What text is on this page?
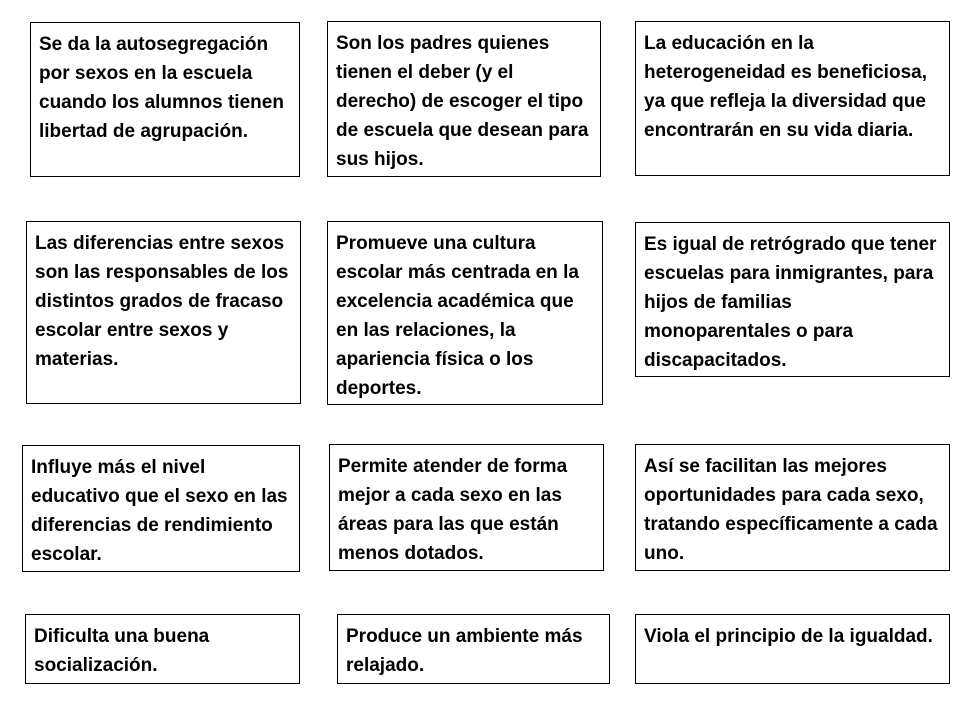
Se da la autosegregación por sexos en la escuela cuando los alumnos tienen libertad de agrupación.
Son los padres quienes tienen el deber (y el derecho) de escoger el tipo de escuela que desean para sus hijos.
La educación en la heterogeneidad es beneficiosa, ya que refleja la diversidad que encontrarán en su vida diaria.
Las diferencias entre sexos son las responsables de los distintos grados de fracaso escolar entre sexos y materias.
Promueve una cultura escolar más centrada en la excelencia académica que en las relaciones, la apariencia física o los deportes.
Es igual de retrógrado que tener escuelas para inmigrantes, para hijos de familias monoparentales o para discapacitados.
Influye más el nivel educativo que el sexo en las diferencias de rendimiento escolar.
Permite atender de forma mejor a cada sexo en las áreas para las que están menos dotados.
Así se facilitan las mejores oportunidades para cada sexo, tratando específicamente a cada uno.
Dificulta una buena socialización.
Produce un ambiente más relajado.
Viola el principio de la igualdad.
